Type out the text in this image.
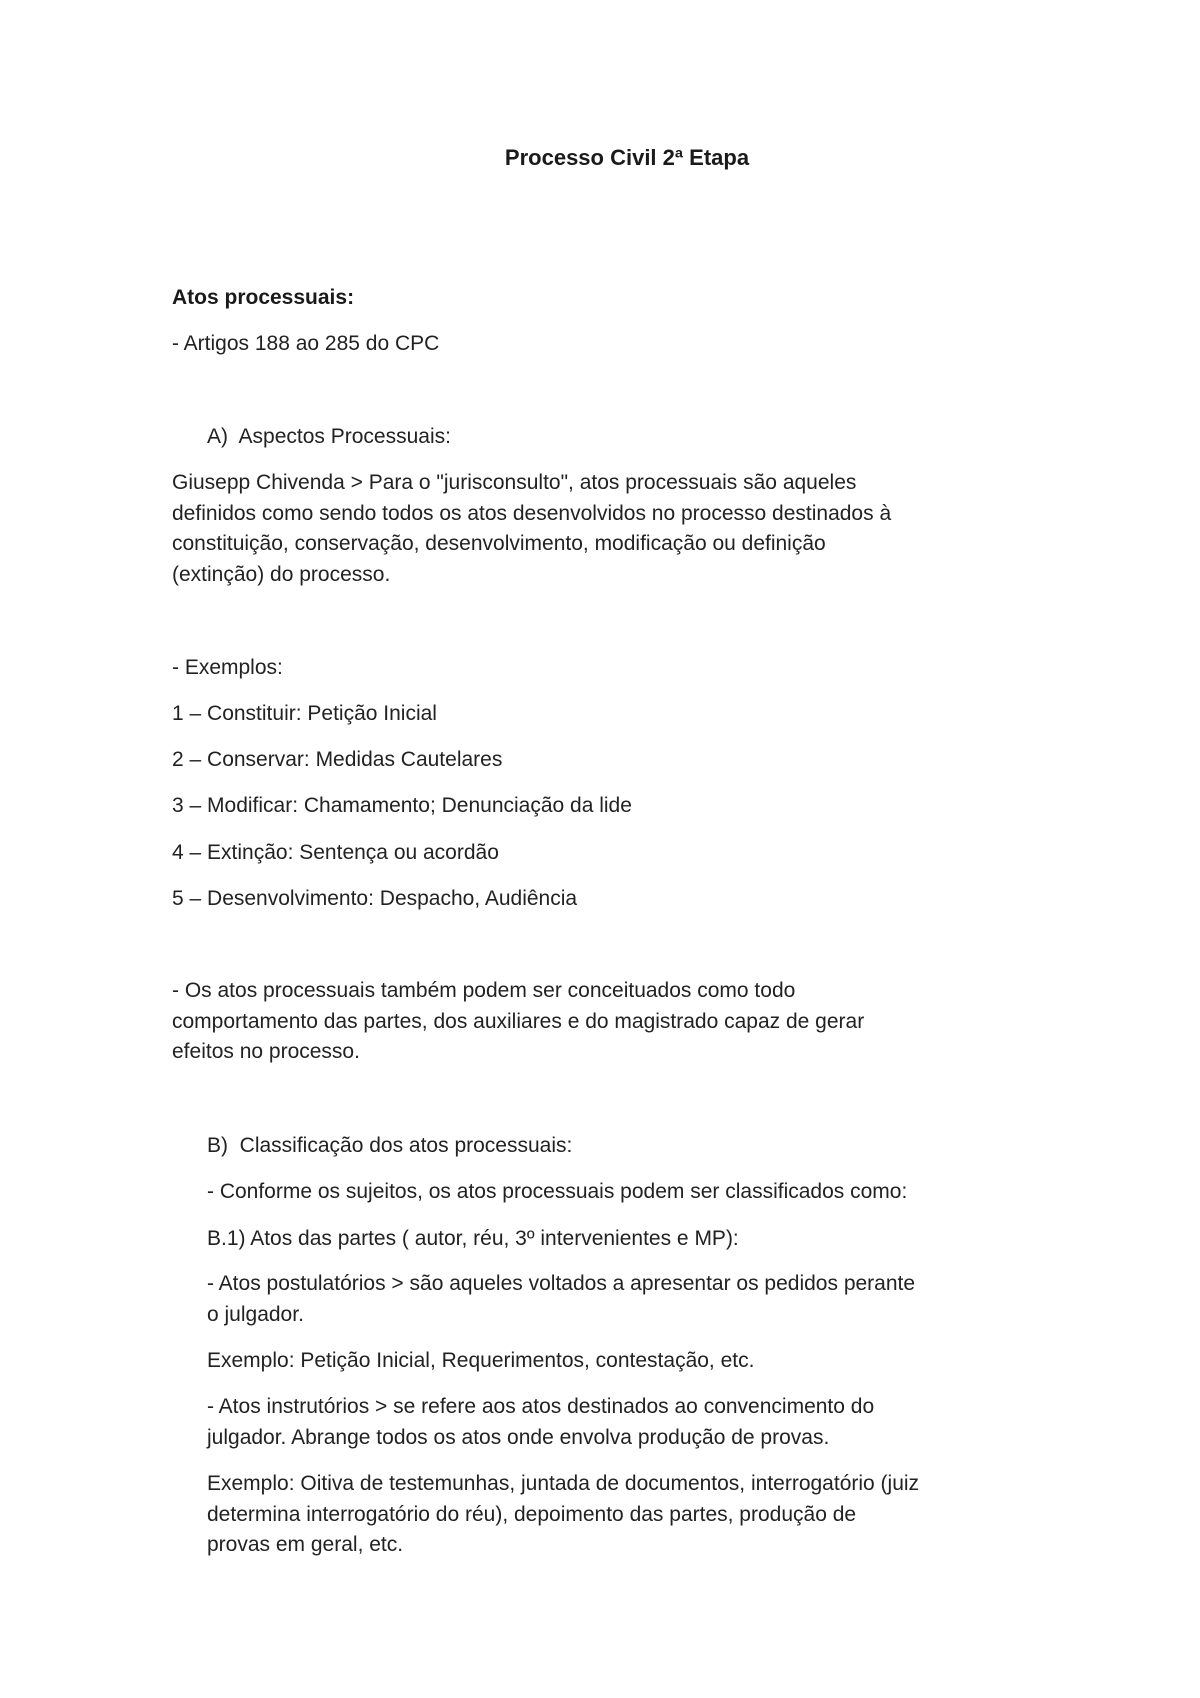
Processo Civil 2ª Etapa
Atos processuais:
- Artigos 188 ao 285 do CPC
A) Aspectos Processuais:
Giusepp Chivenda > Para o "jurisconsulto", atos processuais são aqueles
definidos como sendo todos os atos desenvolvidos no processo destinados à
constituição, conservação, desenvolvimento, modificação ou definição
(extinção) do processo.
- Exemplos:
1 – Constituir: Petição Inicial
2 – Conservar: Medidas Cautelares
3 – Modificar: Chamamento; Denunciação da lide
4 – Extinção: Sentença ou acordão
5 – Desenvolvimento: Despacho, Audiência
- Os atos processuais também podem ser conceituados como todo
comportamento das partes, dos auxiliares e do magistrado capaz de gerar
efeitos no processo.
B) Classificação dos atos processuais:
- Conforme os sujeitos, os atos processuais podem ser classificados como:
B.1) Atos das partes ( autor, réu, 3º intervenientes e MP):
- Atos postulatórios > são aqueles voltados a apresentar os pedidos perante
o julgador.
Exemplo: Petição Inicial, Requerimentos, contestação, etc.
- Atos instrutórios > se refere aos atos destinados ao convencimento do
julgador. Abrange todos os atos onde envolva produção de provas.
Exemplo: Oitiva de testemunhas, juntada de documentos, interrogatório (juiz
determina interrogatório do réu), depoimento das partes, produção de
provas em geral, etc.
